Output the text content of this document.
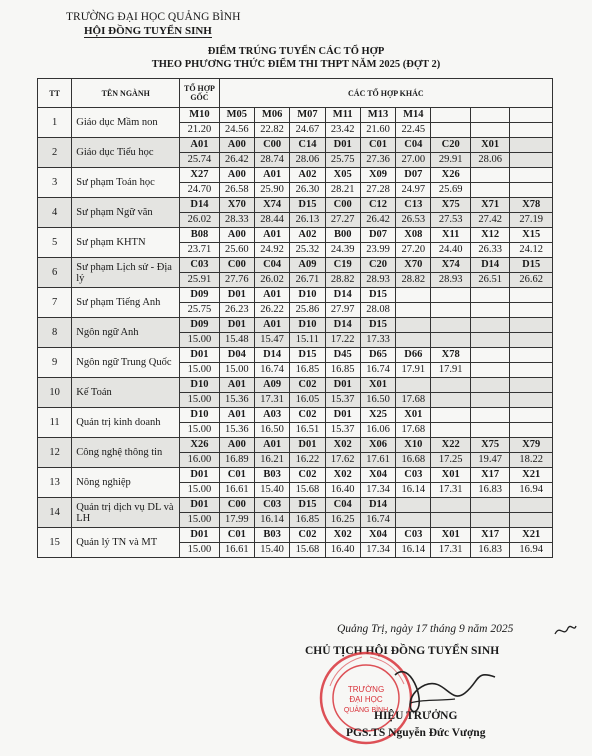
TRƯỜNG ĐẠI HỌC QUẢNG BÌNH
HỘI ĐỒNG TUYỂN SINH
ĐIỂM TRÚNG TUYỂN CÁC TỔ HỢP
THEO PHƯƠNG THỨC ĐIỂM THI THPT NĂM 2025 (ĐỢT 2)
TT	TÊN NGÀNH	TỔ HỢP GỐC	CÁC TỔ HỢP KHÁC								
1	Giáo dục Mầm non	M10	M05	M06	M07	M11	M13	M14			
		21.20	24.56	22.82	24.67	23.42	21.60	22.45			
2	Giáo dục Tiểu học	A01	A00	C00	C14	D01	C01	C04	C20	X01	
		25.74	26.42	28.74	28.06	25.75	27.36	27.00	29.91	28.06	
3	Sư phạm Toán học	X27	A00	A01	A02	X05	X09	D07	X26		
		24.70	26.58	25.90	26.30	28.21	27.28	24.97	25.69		
4	Sư phạm Ngữ văn	D14	X70	X74	D15	C00	C12	C13	X75	X71	X78
		26.02	28.33	28.44	26.13	27.27	26.42	26.53	27.53	27.42	27.19
5	Sư phạm KHTN	B08	A00	A01	A02	B00	D07	X08	X11	X12	X15
		23.71	25.60	24.92	25.32	24.39	23.99	27.20	24.40	26.33	24.12
6	Sư phạm Lịch sử - Địa lý	C03	C00	C04	A09	C19	C20	X70	X74	D14	D15
		25.91	27.76	26.02	26.71	28.82	28.93	28.82	28.93	26.51	26.62
7	Sư phạm Tiếng Anh	D09	D01	A01	D10	D14	D15				
		25.75	26.23	26.22	25.86	27.97	28.08				
8	Ngôn ngữ Anh	D09	D01	A01	D10	D14	D15				
		15.00	15.48	15.47	15.11	17.22	17.33				
9	Ngôn ngữ Trung Quốc	D01	D04	D14	D15	D45	D65	D66	X78		
		15.00	15.00	16.74	16.85	16.85	16.74	17.91	17.91		
10	Kế Toán	D10	A01	A09	C02	D01	X01				
		15.00	15.36	17.31	16.05	15.37	16.50	17.68			
11	Quản trị kinh doanh	D10	A01	A03	C02	D01	X25	X01			
		15.00	15.36	16.50	16.51	15.37	16.06	17.68			
12	Công nghệ thông tin	X26	A00	A01	D01	X02	X06	X10	X22	X75	X79
		16.00	16.89	16.21	16.22	17.62	17.61	16.68	17.25	19.47	18.22
13	Nông nghiệp	D01	C01	B03	C02	X02	X04	C03	X01	X17	X21
		15.00	16.61	15.40	15.68	16.40	17.34	16.14	17.31	16.83	16.94
14	Quản trị dịch vụ DL và LH	D01	C00	C03	D15	C04	D14				
		15.00	17.99	16.14	16.85	16.25	16.74				
15	Quản lý TN và MT	D01	C01	B03	C02	X02	X04	C03	X01	X17	X21
		15.00	16.61	15.40	15.68	16.40	17.34	16.14	17.31	16.83	16.94
Quảng Trị, ngày 17 tháng 9 năm 2025
CHỦ TỊCH HỘI ĐỒNG TUYỂN SINH
TRƯỜNG
ĐẠI HỌC
QUẢNG BÌNH
HIỆU TRƯỞNG
PGS.TS Nguyễn Đức Vượng
